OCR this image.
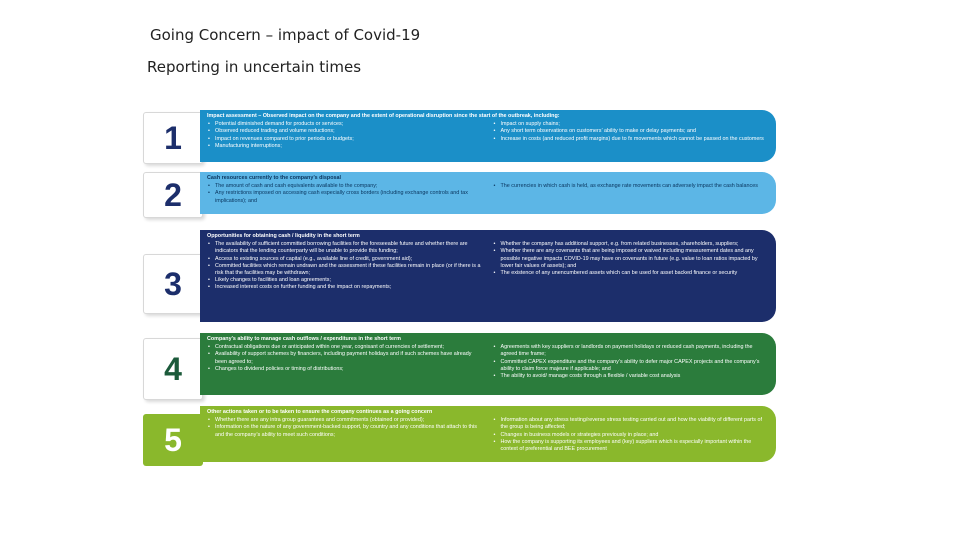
Going Concern – impact of Covid-19
Reporting in uncertain times
1
Impact assessment – Observed impact on the company and the extent of operational disruption since the start of the outbreak, including:
• Potential diminished demand for products or services;
• Observed reduced trading and volume reductions;
• Impact on revenues compared to prior periods or budgets;
• Manufacturing interruptions;
• Impact on supply chains;
• Any short term observations on customers’ ability to make or delay payments; and
• Increase in costs (and reduced profit margins) due to fx movements which cannot be passed on the customers
2	Cash resources currently to the company’s disposal
• The amount of cash and cash equivalents available to the company;
• Any restrictions imposed on accessing cash especially cross borders (including exchange controls and tax implications); and
• The currencies in which cash is held, as exchange rate movements can adversely impact the cash balances
3
Opportunities for obtaining cash / liquidity in the short term
• The availability of sufficient committed borrowing facilities for the foreseeable future and whether there are indicators that the lending counterparty will be unable to provide this funding;
• Access to existing sources of capital (e.g., available line of credit, government aid);
• Committed facilities which remain undrawn and the assessment if these facilities remain in place (or if there is a risk that the facilities may be withdrawn;
• Likely changes to facilities and loan agreements;
• Increased interest costs on further funding and the impact on repayments;
• Whether the company has additional support, e.g. from related businesses, shareholders, suppliers;
• Whether there are any covenants that are being imposed or waived including measurement dates and any possible negative impacts COVID-19 may have on covenants in future (e.g. value to loan ratios impacted by lower fair values of assets); and
• The existence of any unencumbered assets which can be used for asset backed finance or security
4
Company’s ability to manage cash outflows / expenditures in the short term
• Contractual obligations due or anticipated within one year, cognisant of currencies of settlement;
• Availability of support schemes by financiers, including payment holidays and if such schemes have already been agreed to;
• Changes to dividend policies or timing of distributions;
• Agreements with key suppliers or landlords on payment holidays or reduced cash payments, including the agreed time frame;
• Committed CAPEX expenditure and the company’s ability to defer major CAPEX projects and the company’s ability to claim force majeure if applicable; and
• The ability to avoid/ manage costs through a flexible / variable cost analysis
5
Other actions taken or to be taken to ensure the company continues as a going concern
• Whether there are any intra group guarantees and commitments (obtained or provided);
• Information on the nature of any government-backed support, by country and any conditions that attach to this and the company’s ability to meet such conditions;
• Information about any stress testing/reverse stress testing carried out and how the viability of different parts of the group is being affected;
• Changes in business models or strategies previously in place; and
• How the company is supporting its employees and (key) suppliers which is especially important within the context of preferential and BEE procurement
